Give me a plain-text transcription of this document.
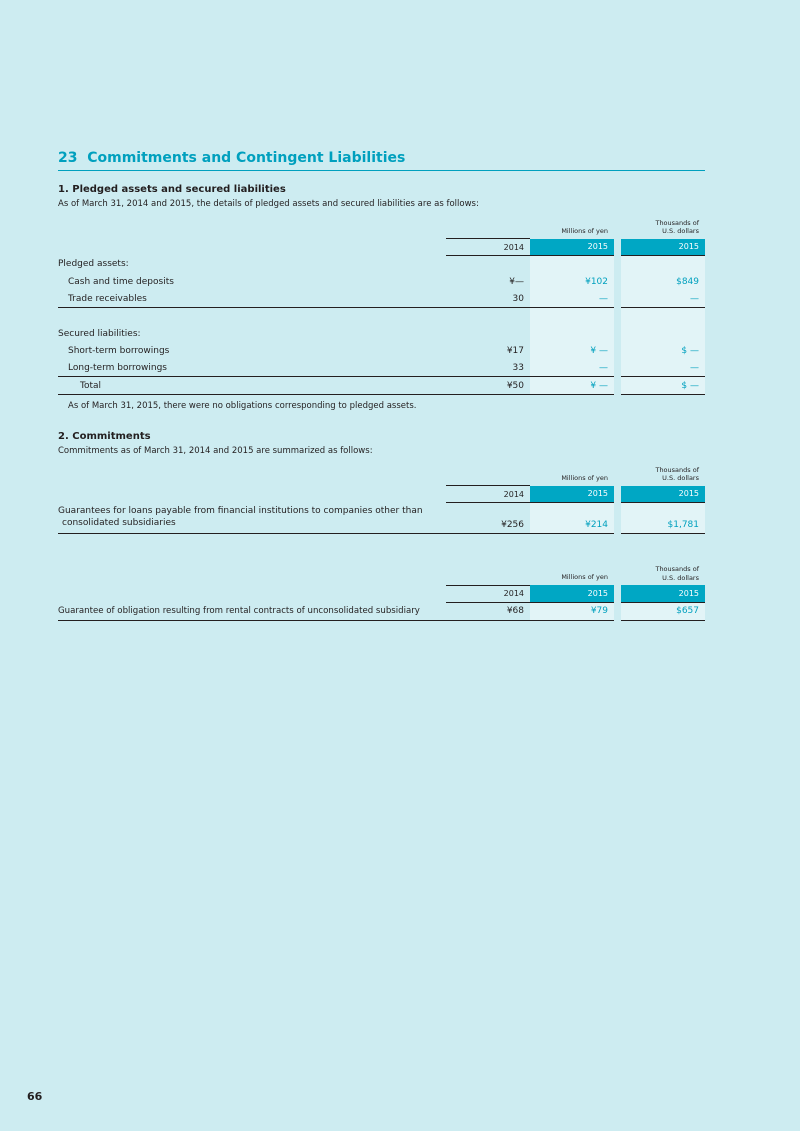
23 Commitments and Contingent Liabilities

1. Pledged assets and secured liabilities

As of March 31, 2014 and 2015, the details of pledged assets and secured liabilities are as follows:

	Millions of yen			Thousands of
U.S. dollars
	2014	2015		2015
Pledged assets:				
Cash and time deposits	¥—	¥102		$849
Trade receivables	30	—		—

Secured liabilities:				
Short-term borrowings	¥17	¥ —		$ —
Long-term borrowings	33	—		—
Total	¥50	¥ —		$ —

As of March 31, 2015, there were no obligations corresponding to pledged assets.

2. Commitments

Commitments as of March 31, 2014 and 2015 are summarized as follows:

	Millions of yen			Thousands of
U.S. dollars
	2014	2015		2015
Guarantees for loans payable from financial institutions to companies other than
consolidated subsidiaries	¥256	¥214		$1,781
	Millions of yen			Thousands of
U.S. dollars
	2014	2015		2015
Guarantee of obligation resulting from rental contracts of unconsolidated subsidiary	¥68	¥79		$657
66
